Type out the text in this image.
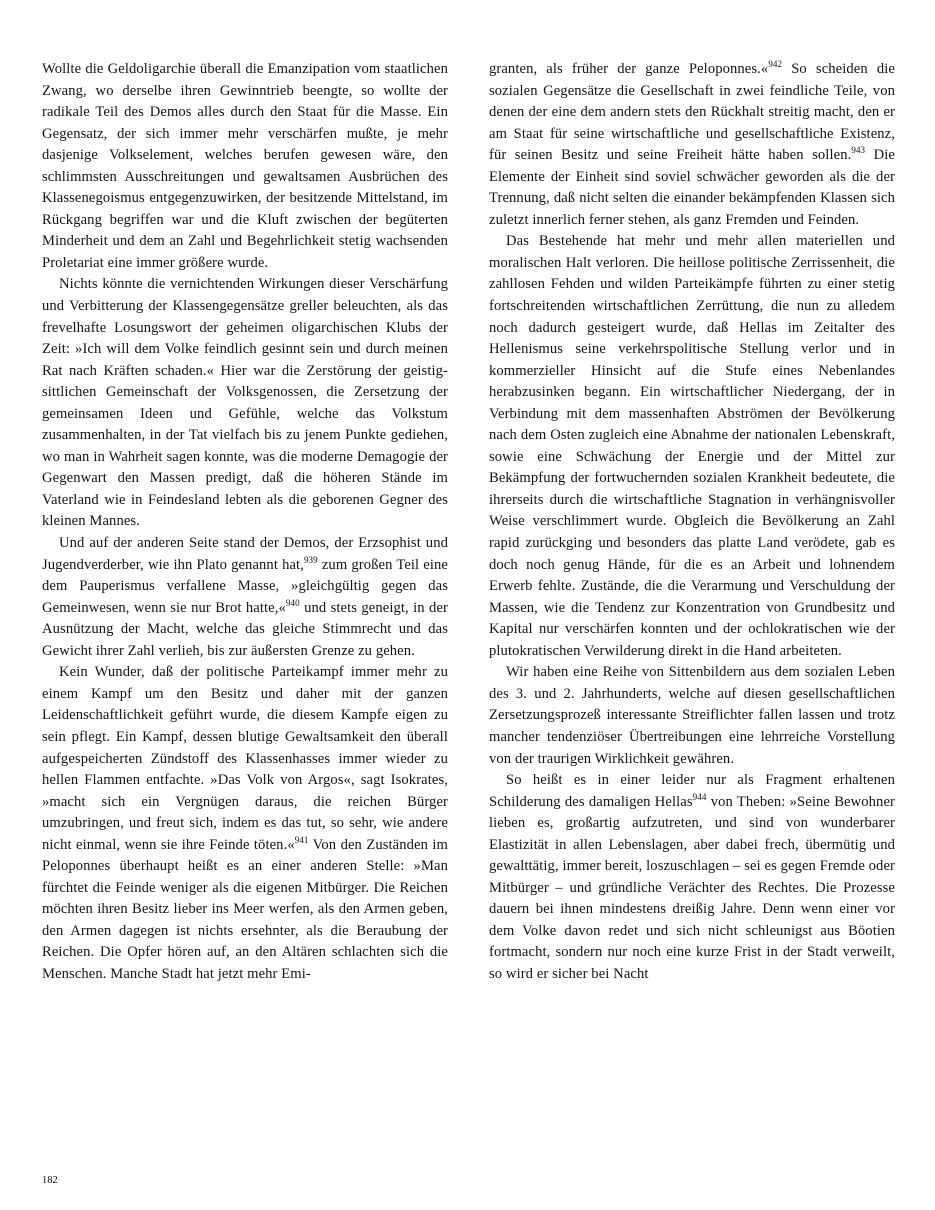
Wollte die Geldoligarchie überall die Emanzipation vom staatlichen Zwang, wo derselbe ihren Gewinntrieb beengte, so wollte der radikale Teil des Demos alles durch den Staat für die Masse. Ein Gegensatz, der sich immer mehr verschärfen mußte, je mehr dasjenige Volkselement, welches berufen gewesen wäre, den schlimmsten Ausschreitungen und gewaltsamen Ausbrüchen des Klassenegoismus entgegenzuwirken, der besitzende Mittelstand, im Rückgang begriffen war und die Kluft zwischen der begüterten Minderheit und dem an Zahl und Begehrlichkeit stetig wachsenden Proletariat eine immer größere wurde.

Nichts könnte die vernichtenden Wirkungen dieser Verschärfung und Verbitterung der Klassengegensätze greller beleuchten, als das frevelhafte Losungswort der geheimen oligarchischen Klubs der Zeit: »Ich will dem Volke feindlich gesinnt sein und durch meinen Rat nach Kräften schaden.« Hier war die Zerstörung der geistig-sittlichen Gemeinschaft der Volksgenossen, die Zersetzung der gemeinsamen Ideen und Gefühle, welche das Volkstum zusammenhalten, in der Tat vielfach bis zu jenem Punkte gediehen, wo man in Wahrheit sagen konnte, was die moderne Demagogie der Gegenwart den Massen predigt, daß die höheren Stände im Vaterland wie in Feindesland lebten als die geborenen Gegner des kleinen Mannes.

Und auf der anderen Seite stand der Demos, der Erzsophist und Jugendverderber, wie ihn Plato genannt hat,$^{939}$ zum großen Teil eine dem Pauperismus verfallene Masse, »gleichgültig gegen das Gemeinwesen, wenn sie nur Brot hatte,«$^{940}$ und stets geneigt, in der Ausnützung der Macht, welche das gleiche Stimmrecht und das Gewicht ihrer Zahl verlieh, bis zur äußersten Grenze zu gehen.

Kein Wunder, daß der politische Parteikampf immer mehr zu einem Kampf um den Besitz und daher mit der ganzen Leidenschaftlichkeit geführt wurde, die diesem Kampfe eigen zu sein pflegt. Ein Kampf, dessen blutige Gewaltsamkeit den überall aufgespeicherten Zündstoff des Klassenhasses immer wieder zu hellen Flammen entfachte. »Das Volk von Argos«, sagt Isokrates, »macht sich ein Vergnügen daraus, die reichen Bürger umzubringen, und freut sich, indem es das tut, so sehr, wie andere nicht einmal, wenn sie ihre Feinde töten.«$^{941}$ Von den Zuständen im Peloponnes überhaupt heißt es an einer anderen Stelle: »Man fürchtet die Feinde weniger als die eigenen Mitbürger. Die Reichen möchten ihren Besitz lieber ins Meer werfen, als den Armen geben, den Armen dagegen ist nichts ersehnter, als die Beraubung der Reichen. Die Opfer hören auf, an den Altären schlachten sich die Menschen. Manche Stadt hat jetzt mehr Emi-

granten, als früher der ganze Peloponnes.«$^{942}$ So scheiden die sozialen Gegensätze die Gesellschaft in zwei feindliche Teile, von denen der eine dem andern stets den Rückhalt streitig macht, den er am Staat für seine wirtschaftliche und gesellschaftliche Existenz, für seinen Besitz und seine Freiheit hätte haben sollen.$^{943}$ Die Elemente der Einheit sind soviel schwächer geworden als die der Trennung, daß nicht selten die einander bekämpfenden Klassen sich zuletzt innerlich ferner stehen, als ganz Fremden und Feinden.

Das Bestehende hat mehr und mehr allen materiellen und moralischen Halt verloren. Die heillose politische Zerrissenheit, die zahllosen Fehden und wilden Parteikämpfe führten zu einer stetig fortschreitenden wirtschaftlichen Zerrüttung, die nun zu alledem noch dadurch gesteigert wurde, daß Hellas im Zeitalter des Hellenismus seine verkehrspolitische Stellung verlor und in kommerzieller Hinsicht auf die Stufe eines Nebenlandes herabzusinken begann. Ein wirtschaftlicher Niedergang, der in Verbindung mit dem massenhaften Abströmen der Bevölkerung nach dem Osten zugleich eine Abnahme der nationalen Lebenskraft, sowie eine Schwächung der Energie und der Mittel zur Bekämpfung der fortwuchernden sozialen Krankheit bedeutete, die ihrerseits durch die wirtschaftliche Stagnation in verhängnisvoller Weise verschlimmert wurde. Obgleich die Bevölkerung an Zahl rapid zurückging und besonders das platte Land verödete, gab es doch noch genug Hände, für die es an Arbeit und lohnendem Erwerb fehlte. Zustände, die die Verarmung und Verschuldung der Massen, wie die Tendenz zur Konzentration von Grundbesitz und Kapital nur verschärfen konnten und der ochlokratischen wie der plutokratischen Verwilderung direkt in die Hand arbeiteten.

Wir haben eine Reihe von Sittenbildern aus dem sozialen Leben des 3. und 2. Jahrhunderts, welche auf diesen gesellschaftlichen Zersetzungsprozeß interessante Streiflichter fallen lassen und trotz mancher tendenziöser Übertreibungen eine lehrreiche Vorstellung von der traurigen Wirklichkeit gewähren.

So heißt es in einer leider nur als Fragment erhaltenen Schilderung des damaligen Hellas$^{944}$ von Theben: »Seine Bewohner lieben es, großartig aufzutreten, und sind von wunderbarer Elastizität in allen Lebenslagen, aber dabei frech, übermütig und gewalttätig, immer bereit, loszuschlagen – sei es gegen Fremde oder Mitbürger – und gründliche Verächter des Rechtes. Die Prozesse dauern bei ihnen mindestens dreißig Jahre. Denn wenn einer vor dem Volke davon redet und sich nicht schleunigst aus Böotien fortmacht, sondern nur noch eine kurze Frist in der Stadt verweilt, so wird er sicher bei Nacht

182
